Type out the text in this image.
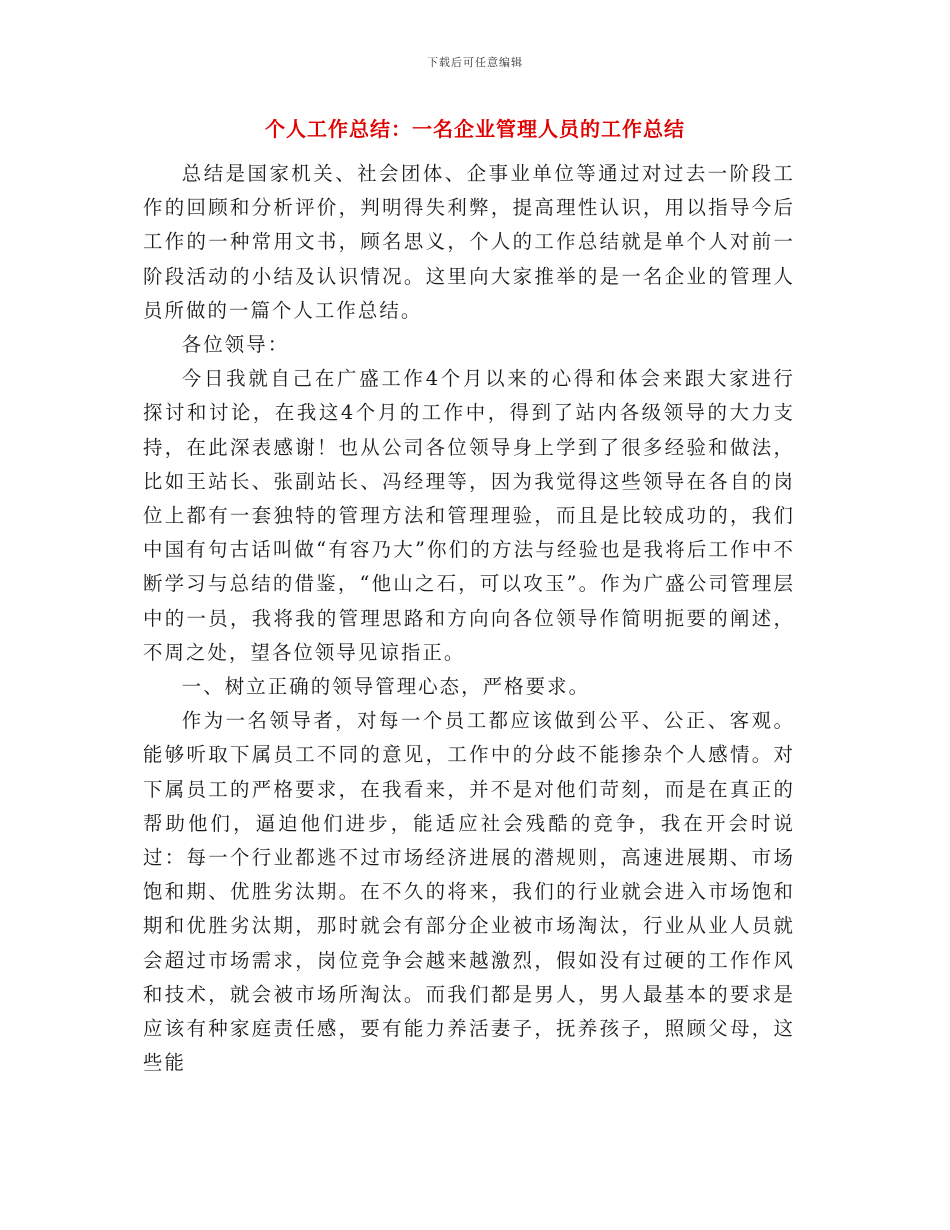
下载后可任意编辑
个人工作总结：一名企业管理人员的工作总结

总结是国家机关、社会团体、企事业单位等通过对过去一阶段工作的回顾和分析评价，判明得失利弊，提高理性认识，用以指导今后工作的一种常用文书，顾名思义，个人的工作总结就是单个人对前一阶段活动的小结及认识情况。这里向大家推举的是一名企业的管理人员所做的一篇个人工作总结。

各位领导：

今日我就自己在广盛工作4个月以来的心得和体会来跟大家进行探讨和讨论，在我这4个月的工作中，得到了站内各级领导的大力支持，在此深表感谢！也从公司各位领导身上学到了很多经验和做法，比如王站长、张副站长、冯经理等，因为我觉得这些领导在各自的岗位上都有一套独特的管理方法和管理理验，而且是比较成功的，我们中国有句古话叫做“有容乃大”你们的方法与经验也是我将后工作中不断学习与总结的借鉴，“他山之石，可以攻玉”。作为广盛公司管理层中的一员，我将我的管理思路和方向向各位领导作简明扼要的阐述，不周之处，望各位领导见谅指正。

一、树立正确的领导管理心态，严格要求。

作为一名领导者，对每一个员工都应该做到公平、公正、客观。能够听取下属员工不同的意见，工作中的分歧不能掺杂个人感情。对下属员工的严格要求，在我看来，并不是对他们苛刻，而是在真正的帮助他们，逼迫他们进步，能适应社会残酷的竞争，我在开会时说过：每一个行业都逃不过市场经济进展的潜规则，高速进展期、市场饱和期、优胜劣汰期。在不久的将来，我们的行业就会进入市场饱和期和优胜劣汰期，那时就会有部分企业被市场淘汰，行业从业人员就会超过市场需求，岗位竞争会越来越激烈，假如没有过硬的工作作风和技术，就会被市场所淘汰。而我们都是男人，男人最基本的要求是应该有种家庭责任感，要有能力养活妻子，抚养孩子，照顾父母，这些能
